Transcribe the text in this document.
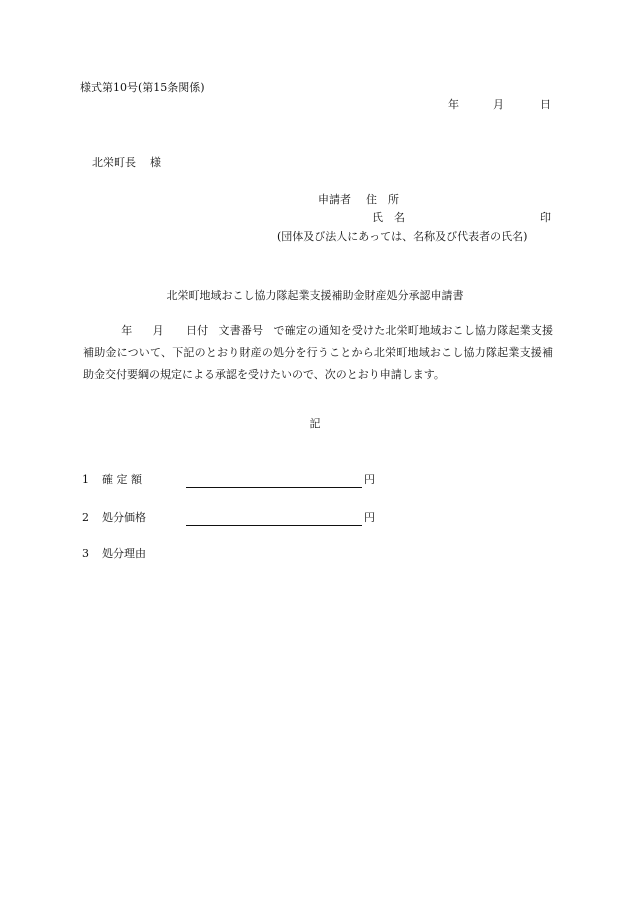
様式第10号(第15条関係)
年	月	日
北栄町長 様
申請者 住　所
氏　名	印
(団体及び法人にあっては、名称及び代表者の氏名)
北栄町地域おこし協力隊起業支援補助金財産処分承認申請書
年 月 日付 文書番号 で確定の通知を受けた北栄町地域おこし協力隊起業支援補助金について、下記のとおり財産の処分を行うことから北栄町地域おこし協力隊起業支援補助金交付要綱の規定による承認を受けたいので、次のとおり申請します。
記
1 確 定 額	円
2 処分価格	円
3 処分理由
